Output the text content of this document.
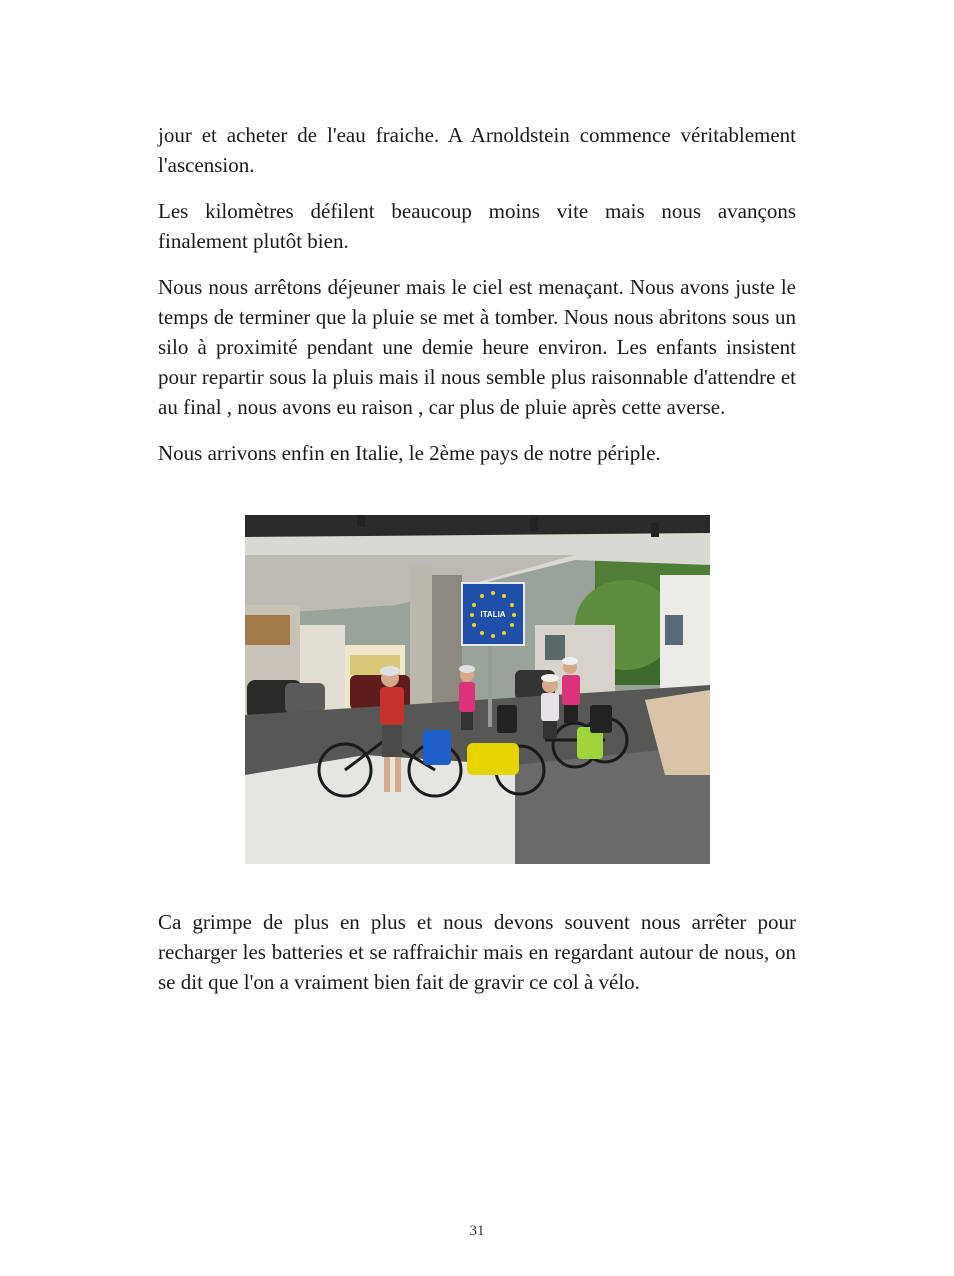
jour et acheter de l'eau fraiche. A Arnoldstein commence véritablement l'ascension.

Les kilomètres défilent beaucoup moins vite mais nous avançons finalement plutôt bien.

Nous nous arrêtons déjeuner mais le ciel est menaçant. Nous avons juste le temps de terminer que la pluie se met à tomber. Nous nous abritons sous un silo à proximité pendant une demie heure environ. Les enfants insistent pour repartir sous la pluis mais il nous semble plus raisonnable d'attendre et au final , nous avons eu raison , car plus de pluie après cette averse.

Nous arrivons enfin en Italie, le 2ème pays de notre périple.

ITALIA

Ca grimpe de plus en plus et nous devons souvent nous arrêter pour recharger les batteries et se raffraichir mais en regardant autour de nous, on se dit que l'on a vraiment bien fait de gravir ce col à vélo.

31
